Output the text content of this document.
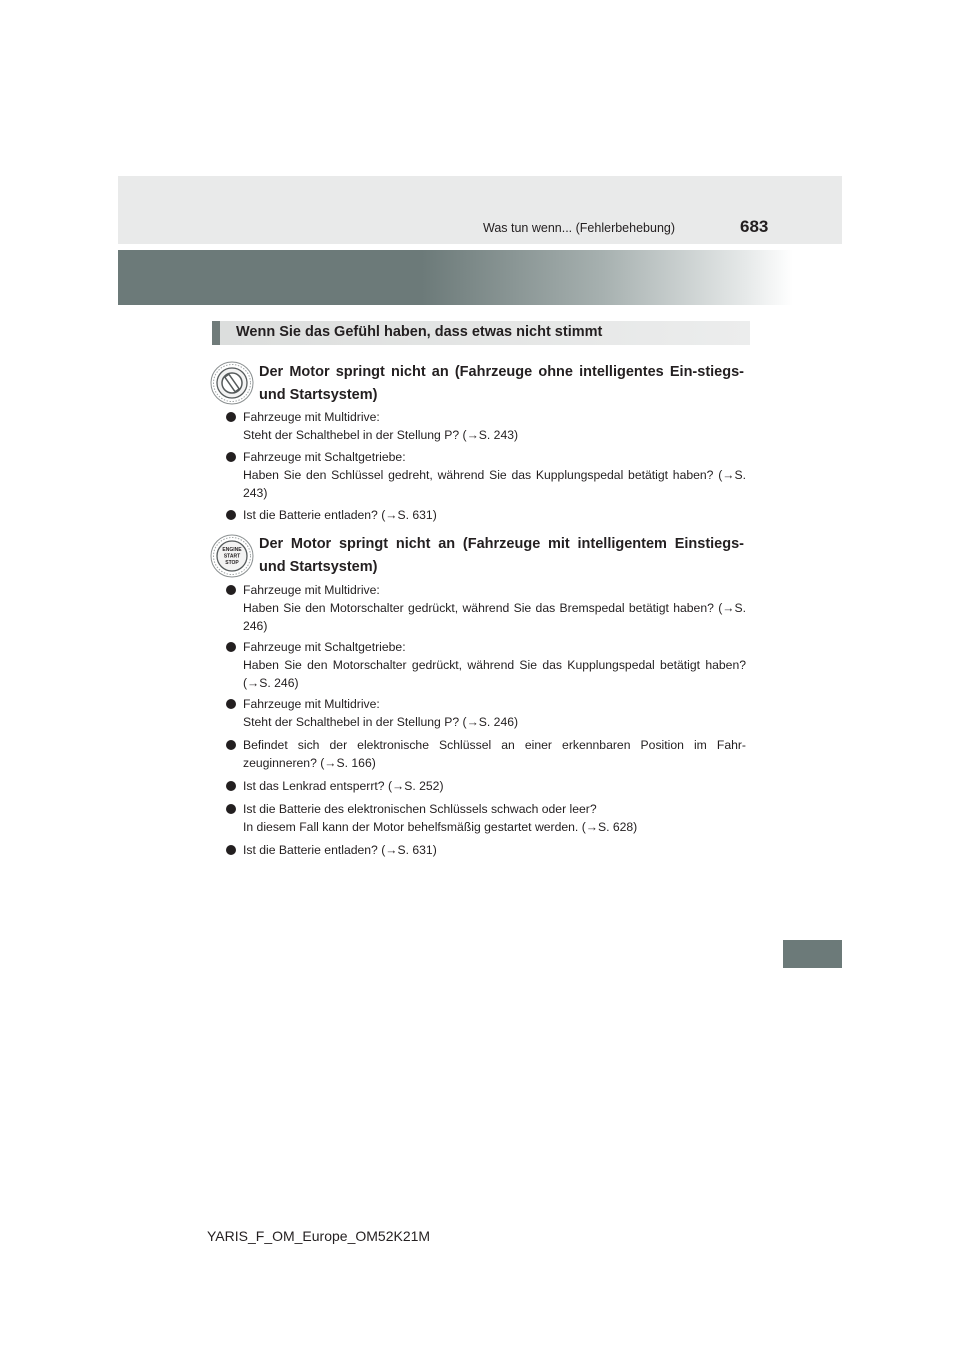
Was tun wenn... (Fehlerbehebung)	683
Wenn Sie das Gefühl haben, dass etwas nicht stimmt
Der Motor springt nicht an (Fahrzeuge ohne intelligentes Ein-stiegs- und Startsystem)
Fahrzeuge mit Multidrive:
Steht der Schalthebel in der Stellung P? (→S. 243)
Fahrzeuge mit Schaltgetriebe:
Haben Sie den Schlüssel gedreht, während Sie das Kupplungspedal betätigt haben? (→S. 243)
Ist die Batterie entladen? (→S. 631)
ENGINE
START
STOP
Der Motor springt nicht an (Fahrzeuge mit intelligentem Einstiegs- und Startsystem)
Fahrzeuge mit Multidrive:
Haben Sie den Motorschalter gedrückt, während Sie das Bremspedal betätigt haben? (→S. 246)
Fahrzeuge mit Schaltgetriebe:
Haben Sie den Motorschalter gedrückt, während Sie das Kupplungspedal betätigt haben? (→S. 246)
Fahrzeuge mit Multidrive:
Steht der Schalthebel in der Stellung P? (→S. 246)
Befindet sich der elektronische Schlüssel an einer erkennbaren Position im Fahr-zeuginneren? (→S. 166)
Ist das Lenkrad entsperrt? (→S. 252)
Ist die Batterie des elektronischen Schlüssels schwach oder leer?
In diesem Fall kann der Motor behelfsmäßig gestartet werden. (→S. 628)
Ist die Batterie entladen? (→S. 631)
YARIS_F_OM_Europe_OM52K21M
